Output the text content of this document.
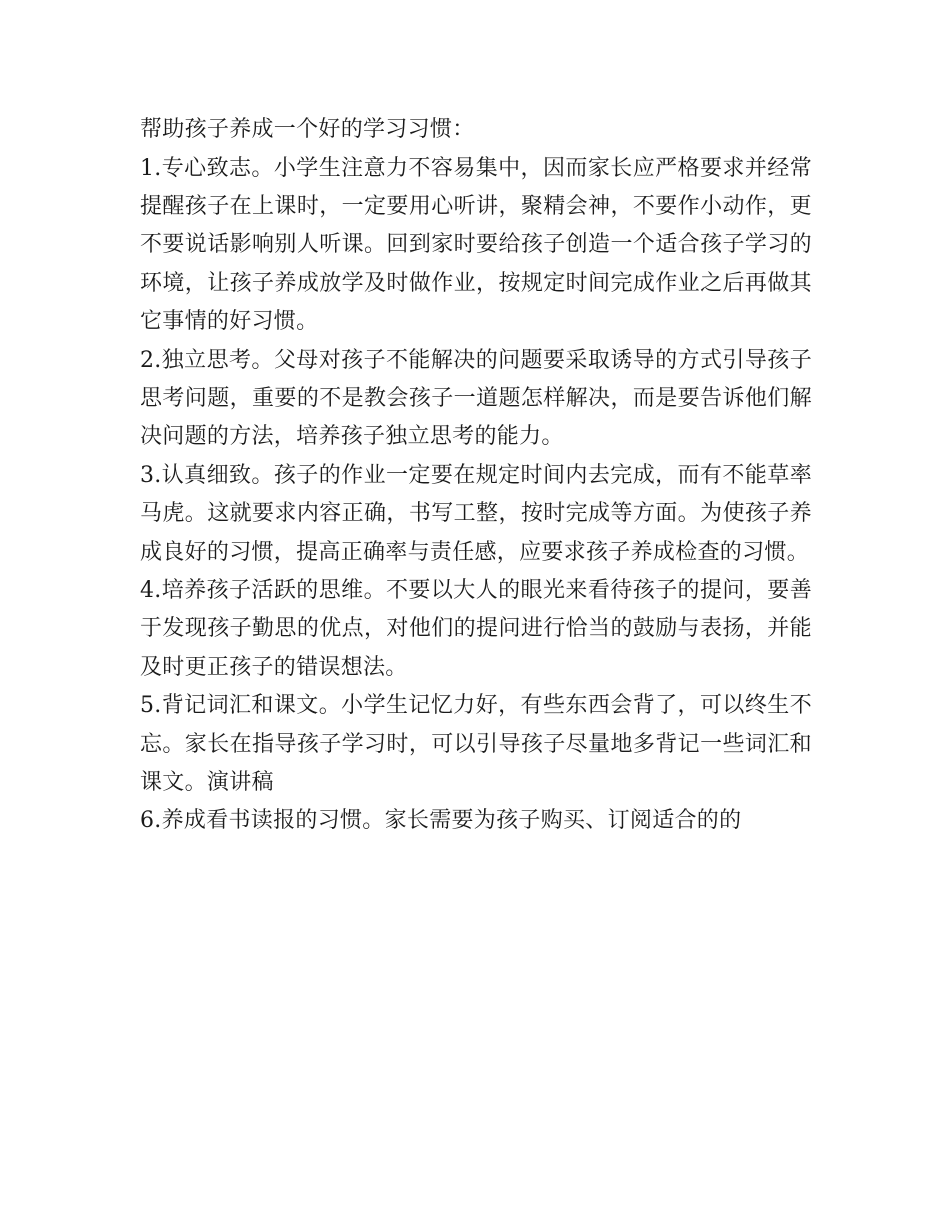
帮助孩子养成一个好的学习习惯：

1.专心致志。小学生注意力不容易集中，因而家长应严格要求并经常提醒孩子在上课时，一定要用心听讲，聚精会神，不要作小动作，更不要说话影响别人听课。回到家时要给孩子创造一个适合孩子学习的环境，让孩子养成放学及时做作业，按规定时间完成作业之后再做其它事情的好习惯。

2.独立思考。父母对孩子不能解决的问题要采取诱导的方式引导孩子思考问题，重要的不是教会孩子一道题怎样解决，而是要告诉他们解决问题的方法，培养孩子独立思考的能力。

3.认真细致。孩子的作业一定要在规定时间内去完成，而有不能草率马虎。这就要求内容正确，书写工整，按时完成等方面。为使孩子养成良好的习惯，提高正确率与责任感，应要求孩子养成检查的习惯。

4.培养孩子活跃的思维。不要以大人的眼光来看待孩子的提问，要善于发现孩子勤思的优点，对他们的提问进行恰当的鼓励与表扬，并能及时更正孩子的错误想法。

5.背记词汇和课文。小学生记忆力好，有些东西会背了，可以终生不忘。家长在指导孩子学习时，可以引导孩子尽量地多背记一些词汇和课文。演讲稿

6.养成看书读报的习惯。家长需要为孩子购买、订阅适合的的
